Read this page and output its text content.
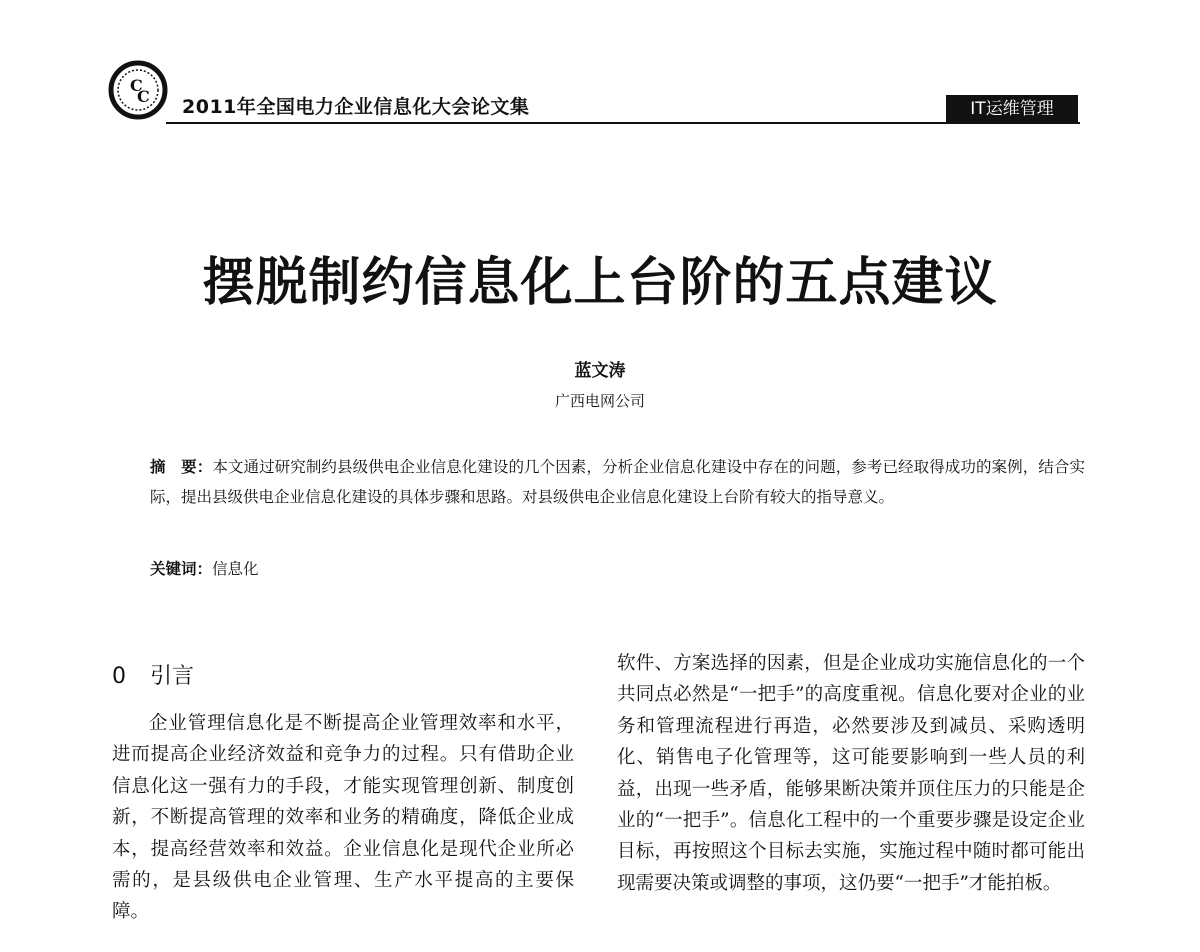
C
C 2011年全国电力企业信息化大会论文集	IT运维管理
摆脱制约信息化上台阶的五点建议
蓝文涛
广西电网公司
摘　要：本文通过研究制约县级供电企业信息化建设的几个因素，分析企业信息化建设中存在的问题，参考已经取得成功的案例，结合实际，提出县级供电企业信息化建设的具体步骤和思路。对县级供电企业信息化建设上台阶有较大的指导意义。
关键词：信息化
0 引言

企业管理信息化是不断提高企业管理效率和水平，进而提高企业经济效益和竞争力的过程。只有借助企业信息化这一强有力的手段，才能实现管理创新、制度创新，不断提高管理的效率和业务的精确度，降低企业成本，提高经营效率和效益。企业信息化是现代企业所必需的，是县级供电企业管理、生产水平提高的主要保障。

软件、方案选择的因素，但是企业成功实施信息化的一个共同点必然是“一把手”的高度重视。信息化要对企业的业务和管理流程进行再造，必然要涉及到减员、采购透明化、销售电子化管理等，这可能要影响到一些人员的利益，出现一些矛盾，能够果断决策并顶住压力的只能是企业的“一把手”。信息化工程中的一个重要步骤是设定企业目标，再按照这个目标去实施，实施过程中随时都可能出现需要决策或调整的事项，这仍要“一把手”才能拍板。
